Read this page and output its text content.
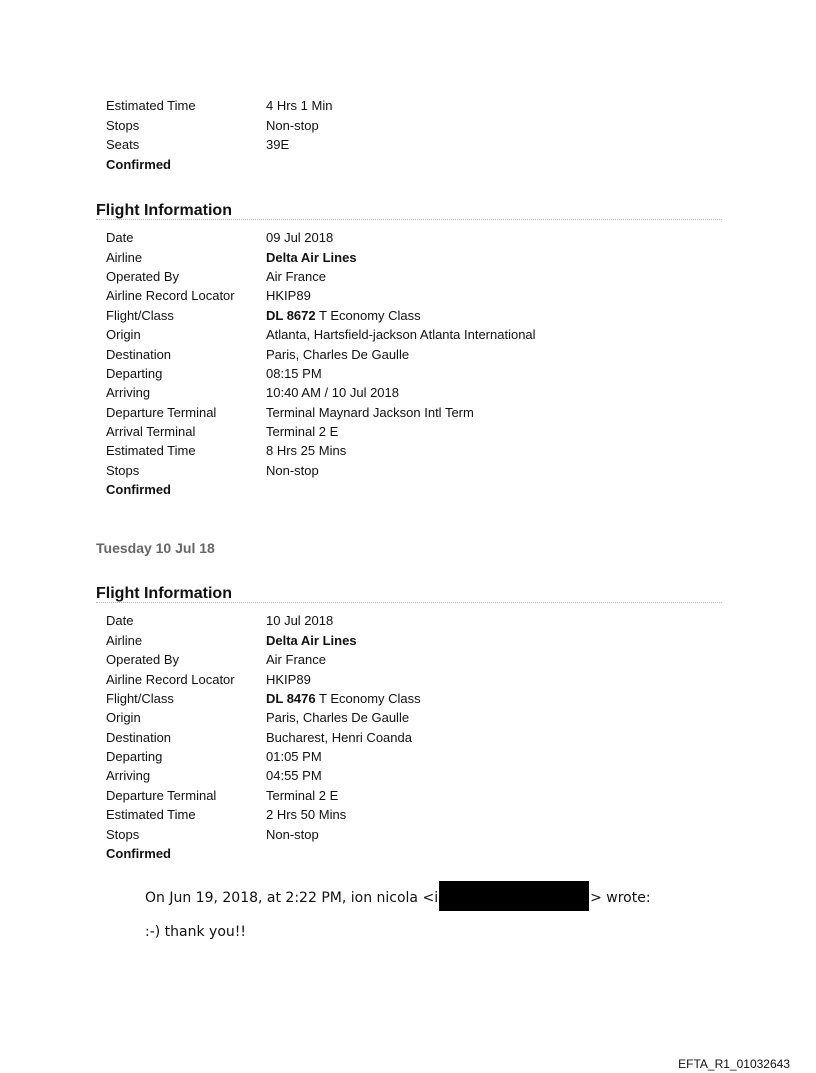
Estimated Time	4 Hrs 1 Min
Stops	Non-stop
Seats	39E
Confirmed
Flight Information
Date	09 Jul 2018
Airline	Delta Air Lines
Operated By	Air France
Airline Record Locator HKIP89
Flight/Class	DL 8672 T Economy Class
Origin	Atlanta, Hartsfield-jackson Atlanta International
Destination	Paris, Charles De Gaulle
Departing	08:15 PM
Arriving	10:40 AM / 10 Jul 2018
Departure Terminal	Terminal Maynard Jackson Intl Term
Arrival Terminal	Terminal 2 E
Estimated Time	8 Hrs 25 Mins
Stops	Non-stop
Confirmed
Tuesday 10 Jul 18
Flight Information
Date	10 Jul 2018
Airline	Delta Air Lines
Operated By	Air France
Airline Record Locator HKIP89
Flight/Class	DL 8476 T Economy Class
Origin	Paris, Charles De Gaulle
Destination	Bucharest, Henri Coanda
Departing	01:05 PM
Arriving	04:55 PM
Departure Terminal	Terminal 2 E
Estimated Time	2 Hrs 50 Mins
Stops	Non-stop
Confirmed
On Jun 19, 2018, at 2:22 PM, ion nicola <i	> wrote:
:-) thank you!!
EFTA_R1_01032643
